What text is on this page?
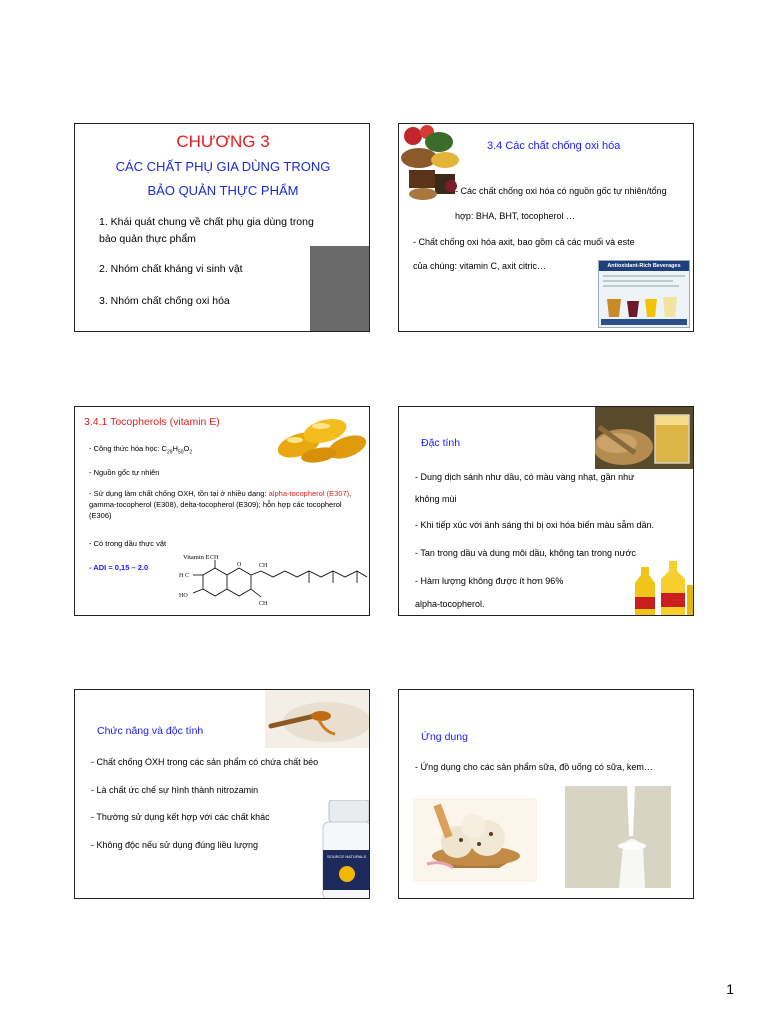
CHƯƠNG 3
CÁC CHẤT PHỤ GIA DÙNG TRONG
BẢO QUẢN THỰC PHẨM
1. Khái quát chung về chất phụ gia dùng trong
bảo quản thực phẩm
2. Nhóm chất kháng vi sinh vật
3. Nhóm chất chống oxi hóa
3.4 Các chất chống oxi hóa
- Các chất chống oxi hóa có nguồn gốc tự nhiên/tổng
hợp: BHA, BHT, tocopherol …
- Chất chống oxi hóa axit, bao gồm cả các muối và este
của chúng: vitamin C, axit citric…	Antioxidant-Rich Beverages
3.4.1 Tocopherols (vitamin E)
- Công thức hóa học: $C_{29}H_{50}O_2$
- Nguồn gốc tự nhiên
- Sử dụng làm chất chống OXH, tồn tại ở nhiều dạng: alpha-tocopherol (E307), gamma-tocopherol (E308), delta-tocopherol (E309); hỗn hợp các tocopherol (E306)
- Có trong dầu thực vật
- ADI = 0,15 – 2.0
Vitamin E CH
H C
HO
O	CH
CH
Đặc tính
- Dung dịch sánh như dầu, có màu vàng nhạt, gần như
không mùi
- Khi tiếp xúc với ánh sáng thì bị oxi hóa biến màu sẫm dần.
- Tan trong dầu và dung môi dầu, không tan trong nước
- Hàm lượng không được ít hơn 96%
alpha-tocopherol.
Chức năng và độc tính
- Chất chống OXH trong các sản phẩm có chứa chất béo
- Là chất ức chế sự hình thành nitrozamin
- Thường sử dụng kết hợp với các chất khác
- Không độc nếu sử dụng đúng liều lượng
SOURCE NATURALS
Ứng dụng
- Ứng dụng cho các sản phẩm sữa, đồ uống có sữa, kem…
1
